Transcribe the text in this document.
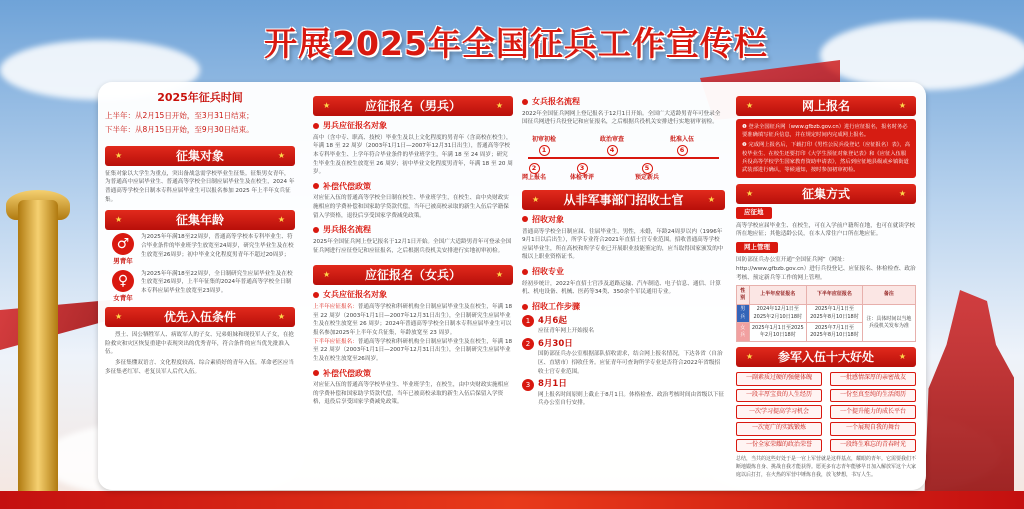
开展2025年全国征兵工作宣传栏
2025年征兵时间
上半年：从2月15日开始，至3月31日结束；
下半年：从8月15日开始，至9月30日结束。
★	征集对象	★
征集对象以大学生为重点，突出备战急需学校毕业生征集。征集男女青年，为普通高中应届毕业生、普通高等学校全日制应届毕业生及在校生，2024 年普通高等学校全日制本专科应届毕业生可以报名参加 2025 年上半年女兵征集。
★	征集年龄	★
♂
男青年
为2025年年满18至22周岁，普通高等学校本专科毕业生、符合毕业条件的毕业班学生放宽至24周岁，研究生毕业生及在校生放宽至26周岁；初中毕业文化程度男青年不超过20周岁；
♀
女青年
为2025年年满18至22周岁，全日制研究生应届毕业生及在校生放宽至26周岁，上半年征集的2024年普通高等学校全日制本专科应届毕业生放宽至23周岁。
★	优先入伍条件	★
烈士、因公牺牲军人、病故军人的子女、兄弟姐妹和现役军人子女，在抢险救灾和灾区恢复重建中表现突出的优秀青年，符合条件的应当优先批准入伍。
多征集懂双语言、文化程度较高、综合素质好的青年入伍。革命老区应当多征集老红军、老复员军人后代入伍。
★	应征报名（男兵）	★
男兵应征报名对象
高中（含中专、职高、技校）毕业生及以上文化程度的男青年（含高校在校生），年满 18 至 22 周岁（2003年1月1日—2007年12月31日出生），普通高等学校本专科毕业生、上学年符合毕业条件的毕业班学生，年满 18 至 24 周岁；研究生毕业生及在校生放宽至 26 周岁；初中毕业文化程度男青年，年满 18 至 20 周岁。
补偿代偿政策
对应征入伍的普通高等学校全日制在校生、毕业班学生，在校生、由中央财政实施相应的学费补偿和国家助学贷款代偿，当年已被高校录取的新生入伍后学籍保留入学资格，退役后享受国家学费减免政策。
男兵报名流程
2025年全国征兵网上登记报名于12月1日开始。全国广大适龄男青年可登录全国征兵网进行应征登记和应征报名，之后根据兵役机关安排进行实地初审初检。
★	应征报名（女兵）	★
女兵应征报名对象
上半年应征报名：普通高等学校和科研机构全日制应届毕业生及在校生，年满 18 至 22 周岁（2003年1月1日—2007年12月31日出生），全日制研究生应届毕业生及在校生放宽至 26 周岁；2024年普通高等学校全日制本专科应届毕业生可以报名参加2025年上半年女兵征集，年龄放宽至 23 周岁。
下半年应征报名：普通高等学校和科研机构全日制应届毕业生及在校生，年满 18 至 22 周岁（2003年1月1日—2007年12月31日出生），全日制研究生应届毕业生及在校生放宽至26周岁。
补偿代偿政策
对应征入伍的普通高等学校毕业生、毕业班学生，在校生，由中央财政实施相应的学费补偿和国家助学贷款代偿，当年已被高校录取的新生入伍后保留入学资格，退役后享受国家学费减免政策。
女兵报名流程
2022年全国征兵网网上登记报名于12月1日开始。全国广大适龄男青年可登录全国征兵网进行兵役登记和应征报名，之后根据兵役机关安排进行实地初审初检。
初审初检
1
2
网上报名
3
体检考评
政治审查
4
5
预定新兵
批准入伍
6
★ 从非军事部门招收士官	★
招收对象
普通高等学校全日制应届、往届毕业生，男性，未婚，年龄24周岁以内（1996年9月1日以后出生），所学专业符合2021年直招士官专业范围。招收普通高等学校应届毕业生，所在高校和所学专业已开展职业技能鉴定的，应当取得国家颁发的中级以上职业资格证书。
招收专业
经初步统计，2022年直招士官涉及道路运输、汽车制造、电子信息、通信、计算机、机电设备、机械、医药等34类、350余个军民通用专业。
招收工作步骤
1 4月6起
应征青年网上开始报名
2 6月30日
国防部征兵办公室根据部队招收需求，结合网上报名情况，下达各省（自治区、直辖市）招收任务。应征青年可查询所学专业是否符合2022年省级招收士官专业范围。
3 8月1日
网上报名时间原则上截止于8月1日。体格检查、政治考核时间由省级以下征兵办公室自行安排。
★	网上报名	★
❶ 登录全国征兵网（www.gfbzb.gov.cn）进行应征报名，报名时务必要准确填写征兵信息，并在规定时间内完成网上报名。
❷ 完成网上报名后，下载打印《男性公民兵役登记（应征报名）表》，高校毕业生、在校生还要打印《大学生预征对象登记表》和《应征入伍服兵役高等学校学生国家教育资助申请表》，然后到应征地县级或乡镇街道武装部进行确认，等候通知，按时参加初审初检。
★	征集方式	★
应征地
高等学校应届毕业生、在校生，可在入学前户籍所在地，也可在就读学校所在地应征；其他适龄公民，在本人常住户口所在地应征。
网上管理
国防部征兵办公室开通“全国征兵网”（网址：http://www.gfbzb.gov.cn）进行兵役登记、应征报名、体检检查、政治考核、预定新兵等工作的网上管理。
性别	上半年应征报名	下半年应征报名	备注
男兵	2024年12月1日至2025年2月10日18时	2025年1月1日至2025年8月10日18时	注：具体时间以当地兵役机关发布为准
女兵	2025年1月1日至2025年2月10日18时	2025年7月1日至2025年8月10日18时	
★ 参军入伍十大好处	★
一副素质过硬的强健体魄	一批感情深厚的亲密战友
一段丰厚宝贵的人生经历	一份至真至纯的生活阅历
一次学习提高学习机会	一个提升能力的成长平台
一次宽广的实践锻炼	一个展现自我的舞台
一份全家荣耀的政治荣誉	一段终生难忘的青春时光
总结，当共的这些好处于是一官上军营就是这样基点，耀眼的青年。它需要我们不断地锻炼自身、挑战自我才能获得。愿更多有志青年能够早日加入解放军这个大家庭以后打打，在火热的军营中锤炼自我，放飞梦想，书写人生。
